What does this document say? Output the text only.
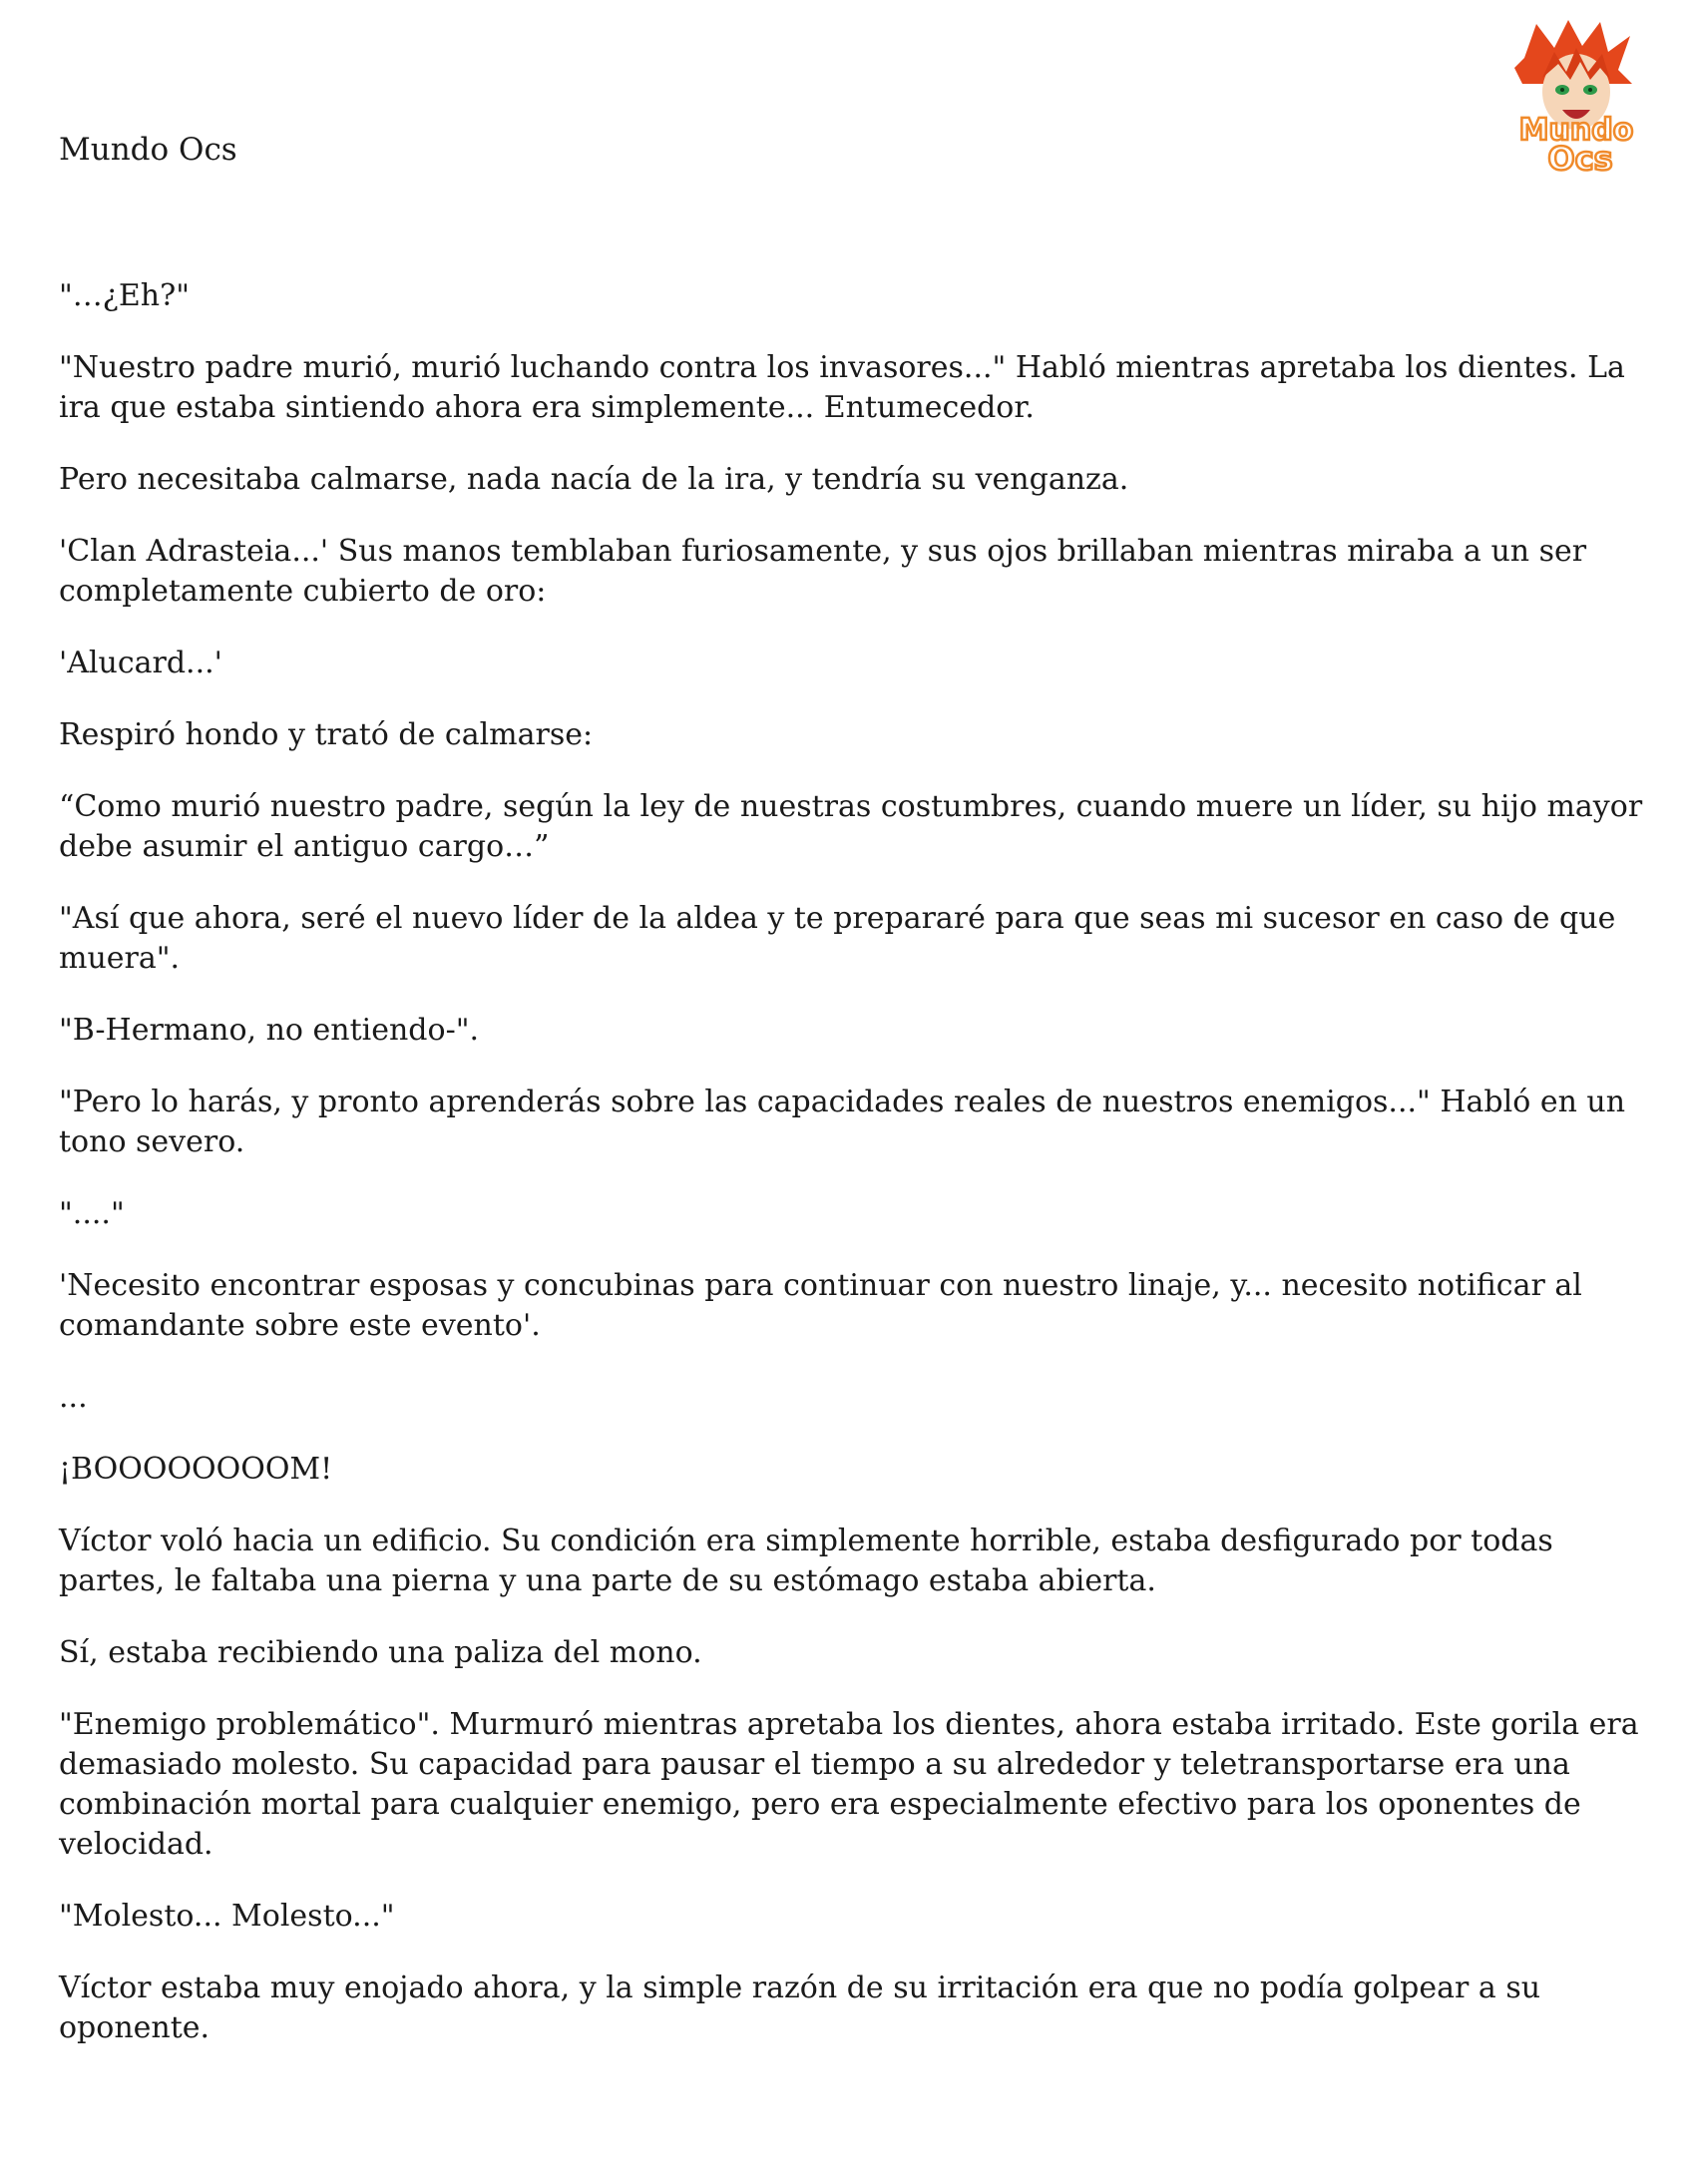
Mundo Ocs
Mundo
Ocs

"…¿Eh?"

"Nuestro padre murió, murió luchando contra los invasores..." Habló mientras apretaba los dientes. La ira que estaba sintiendo ahora era simplemente... Entumecedor.

Pero necesitaba calmarse, nada nacía de la ira, y tendría su venganza.

'Clan Adrasteia...' Sus manos temblaban furiosamente, y sus ojos brillaban mientras miraba a un ser completamente cubierto de oro:

'Alucard...'

Respiró hondo y trató de calmarse:

“Como murió nuestro padre, según la ley de nuestras costumbres, cuando muere un líder, su hijo mayor debe asumir el antiguo cargo…”

"Así que ahora, seré el nuevo líder de la aldea y te prepararé para que seas mi sucesor en caso de que muera".

"B-Hermano, no entiendo-".

"Pero lo harás, y pronto aprenderás sobre las capacidades reales de nuestros enemigos..." Habló en un tono severo.

"...."

'Necesito encontrar esposas y concubinas para continuar con nuestro linaje, y... necesito notificar al comandante sobre este evento'.

...

¡BOOOOOOOOM!

Víctor voló hacia un edificio. Su condición era simplemente horrible, estaba desfigurado por todas partes, le faltaba una pierna y una parte de su estómago estaba abierta.

Sí, estaba recibiendo una paliza del mono.

"Enemigo problemático". Murmuró mientras apretaba los dientes, ahora estaba irritado. Este gorila era demasiado molesto. Su capacidad para pausar el tiempo a su alrededor y teletransportarse era una combinación mortal para cualquier enemigo, pero era especialmente efectivo para los oponentes de velocidad.

"Molesto... Molesto..."

Víctor estaba muy enojado ahora, y la simple razón de su irritación era que no podía golpear a su oponente.
